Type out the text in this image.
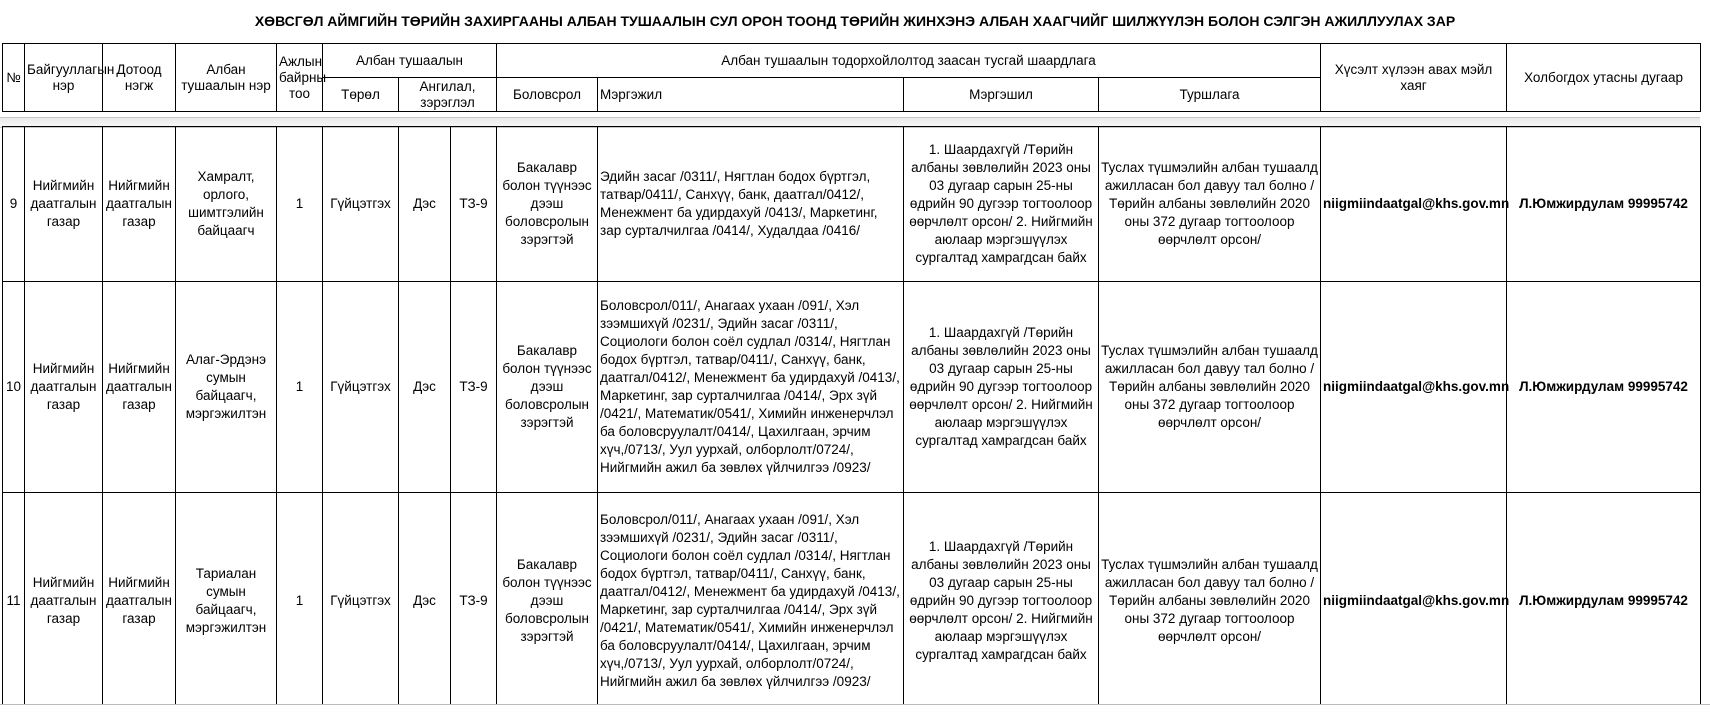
ХӨВСГӨЛ АЙМГИЙН ТӨРИЙН ЗАХИРГААНЫ АЛБАН ТУШААЛЫН СУЛ ОРОН ТООНД ТӨРИЙН ЖИНХЭНЭ АЛБАН ХААГЧИЙГ ШИЛЖҮҮЛЭН БОЛОН СЭЛГЭН АЖИЛЛУУЛАХ ЗАР
№	Байгууллагын нэр	Дотоод нэгж	Албан тушаалын нэр	Ажлын байрны тоо	Албан тушаалын		Албан тушаалын тодорхойлолтод заасан тусгай шаардлага				Хүсэлт хүлээн авах мэйл хаяг	Холбогдох утасны дугаар
					Төрөл	Ангилал, зэрэглэл	Боловсрол	Мэргэжил	Мэргэшил	Туршлага		
9	Нийгмийн даатгалын газар	Нийгмийн даатгалын газар	Хамралт, орлого, шимтгэлийн байцаагч	1	Гүйцэтгэх	Дэс	ТЗ-9	Бакалавр болон түүнээс дээш боловсролын зэрэгтэй	Эдийн засаг /0311/, Нягтлан бодох бүртгэл, татвар/0411/, Санхүү, банк, даатгал/0412/, Менежмент ба удирдахуй /0413/, Маркетинг, зар сурталчилгаа /0414/, Худалдаа /0416/	1. Шаардахгүй /Төрийн албаны зөвлөлийн 2023 оны 03 дугаар сарын 25-ны өдрийн 90 дугээр тогтоолоор өөрчлөлт орсон/ 2. Нийгмийн аюлаар мэргэшүүлэх сургалтад хамрагдсан байх	Туслах түшмэлийн албан тушаалд ажилласан бол давуу тал болно /Төрийн албаны зөвлөлийн 2020 оны 372 дугаар тогтоолоор өөрчлөлт орсон/	niigmiindaatgal@khs.gov.mn	Л.Юмжирдулам 99995742
10	Нийгмийн даатгалын газар	Нийгмийн даатгалын газар	Алаг-Эрдэнэ сумын байцаагч, мэргэжилтэн	1	Гүйцэтгэх	Дэс	ТЗ-9	Бакалавр болон түүнээс дээш боловсролын зэрэгтэй	Боловсрол/011/, Анагаах ухаан /091/, Хэл зээмшихүй /0231/, Эдийн засаг /0311/, Социологи болон соёл судлал /0314/, Нягтлан бодох бүртгэл, татвар/0411/, Санхүү, банк, даатгал/0412/, Менежмент ба удирдахуй /0413/, Маркетинг, зар сурталчилгаа /0414/, Эрх зүй /0421/, Математик/0541/, Химийн инженерчлэл ба боловсруулалт/0414/, Цахилгаан, эрчим хүч,/0713/, Уул уурхай, олборлолт/0724/, Нийгмийн ажил ба зөвлөх үйлчилгээ /0923/	1. Шаардахгүй /Төрийн албаны зөвлөлийн 2023 оны 03 дугаар сарын 25-ны өдрийн 90 дугээр тогтоолоор өөрчлөлт орсон/ 2. Нийгмийн аюлаар мэргэшүүлэх сургалтад хамрагдсан байх	Туслах түшмэлийн албан тушаалд ажилласан бол давуу тал болно /Төрийн албаны зөвлөлийн 2020 оны 372 дугаар тогтоолоор өөрчлөлт орсон/	niigmiindaatgal@khs.gov.mn	Л.Юмжирдулам 99995742
11	Нийгмийн даатгалын газар	Нийгмийн даатгалын газар	Тариалан сумын байцаагч, мэргэжилтэн	1	Гүйцэтгэх	Дэс	ТЗ-9	Бакалавр болон түүнээс дээш боловсролын зэрэгтэй	Боловсрол/011/, Анагаах ухаан /091/, Хэл зээмшихүй /0231/, Эдийн засаг /0311/, Социологи болон соёл судлал /0314/, Нягтлан бодох бүртгэл, татвар/0411/, Санхүү, банк, даатгал/0412/, Менежмент ба удирдахуй /0413/, Маркетинг, зар сурталчилгаа /0414/, Эрх зүй /0421/, Математик/0541/, Химийн инженерчлэл ба боловсруулалт/0414/, Цахилгаан, эрчим хүч,/0713/, Уул уурхай, олборлолт/0724/, Нийгмийн ажил ба зөвлөх үйлчилгээ /0923/	1. Шаардахгүй /Төрийн албаны зөвлөлийн 2023 оны 03 дугаар сарын 25-ны өдрийн 90 дугээр тогтоолоор өөрчлөлт орсон/ 2. Нийгмийн аюлаар мэргэшүүлэх сургалтад хамрагдсан байх	Туслах түшмэлийн албан тушаалд ажилласан бол давуу тал болно /Төрийн албаны зөвлөлийн 2020 оны 372 дугаар тогтоолоор өөрчлөлт орсон/	niigmiindaatgal@khs.gov.mn	Л.Юмжирдулам 99995742
